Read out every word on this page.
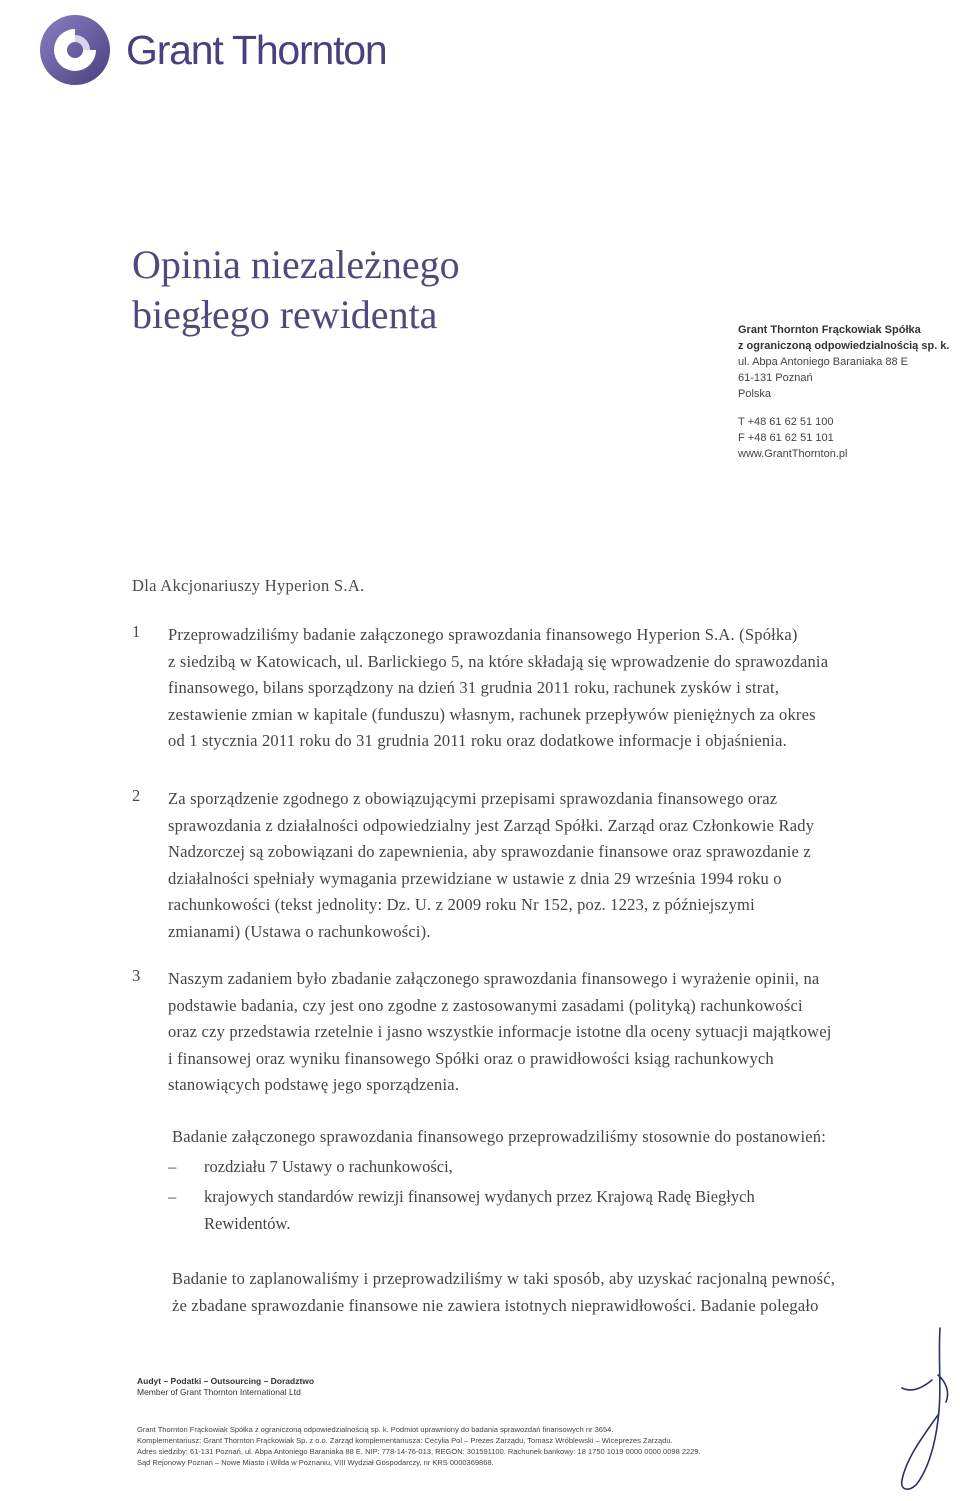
Grant Thornton
Opinia niezależnego
biegłego rewidenta	Grant Thornton Frąckowiak Spółka
z ograniczoną odpowiedzialnością sp. k.
ul. Abpa Antoniego Baraniaka 88 E
61-131 Poznań
Polska
T +48 61 62 51 100
F +48 61 62 51 101
www.GrantThornton.pl
Dla Akcjonariuszy Hyperion S.A.
1	Przeprowadziliśmy badanie załączonego sprawozdania finansowego Hyperion S.A. (Spółka)
z siedzibą w Katowicach, ul. Barlickiego 5, na które składają się wprowadzenie do sprawozdania
finansowego, bilans sporządzony na dzień 31 grudnia 2011 roku, rachunek zysków i strat,
zestawienie zmian w kapitale (funduszu) własnym, rachunek przepływów pieniężnych za okres
od 1 stycznia 2011 roku do 31 grudnia 2011 roku oraz dodatkowe informacje i objaśnienia.
2	Za sporządzenie zgodnego z obowiązującymi przepisami sprawozdania finansowego oraz
sprawozdania z działalności odpowiedzialny jest Zarząd Spółki. Zarząd oraz Członkowie Rady
Nadzorczej są zobowiązani do zapewnienia, aby sprawozdanie finansowe oraz sprawozdanie z
działalności spełniały wymagania przewidziane w ustawie z dnia 29 września 1994 roku o
rachunkowości (tekst jednolity: Dz. U. z 2009 roku Nr 152, poz. 1223, z późniejszymi
zmianami) (Ustawa o rachunkowości).
3	Naszym zadaniem było zbadanie załączonego sprawozdania finansowego i wyrażenie opinii, na
podstawie badania, czy jest ono zgodne z zastosowanymi zasadami (polityką) rachunkowości
oraz czy przedstawia rzetelnie i jasno wszystkie informacje istotne dla oceny sytuacji majątkowej
i finansowej oraz wyniku finansowego Spółki oraz o prawidłowości ksiąg rachunkowych
stanowiących podstawę jego sporządzenia.
Badanie załączonego sprawozdania finansowego przeprowadziliśmy stosownie do postanowień:
– rozdziału 7 Ustawy o rachunkowości,
– krajowych standardów rewizji finansowej wydanych przez Krajową Radę Biegłych
Rewidentów.
Badanie to zaplanowaliśmy i przeprowadziliśmy w taki sposób, aby uzyskać racjonalną pewność,
że zbadane sprawozdanie finansowe nie zawiera istotnych nieprawidłowości. Badanie polegało
Audyt – Podatki – Outsourcing – Doradztwo
Member of Grant Thornton International Ltd
Grant Thornton Frąckowiak Spółka z ograniczoną odpowiedzialnością sp. k. Podmiot uprawniony do badania sprawozdań finansowych nr 3654.
Komplementariusz: Grant Thornton Frąckowiak Sp. z o.o. Zarząd komplementariusza: Cecylia Pol – Prezes Zarządu, Tomasz Wróblewski – Wiceprezes Zarządu.
Adres siedziby: 61-131 Poznań, ul. Abpa Antoniego Baraniaka 88 E. NIP: 778-14-76-013, REGON: 301591100. Rachunek bankowy: 18 1750 1019 0000 0000 0098 2229.
Sąd Rejonowy Poznań – Nowe Miasto i Wilda w Poznaniu, VIII Wydział Gospodarczy, nr KRS 0000369868.
